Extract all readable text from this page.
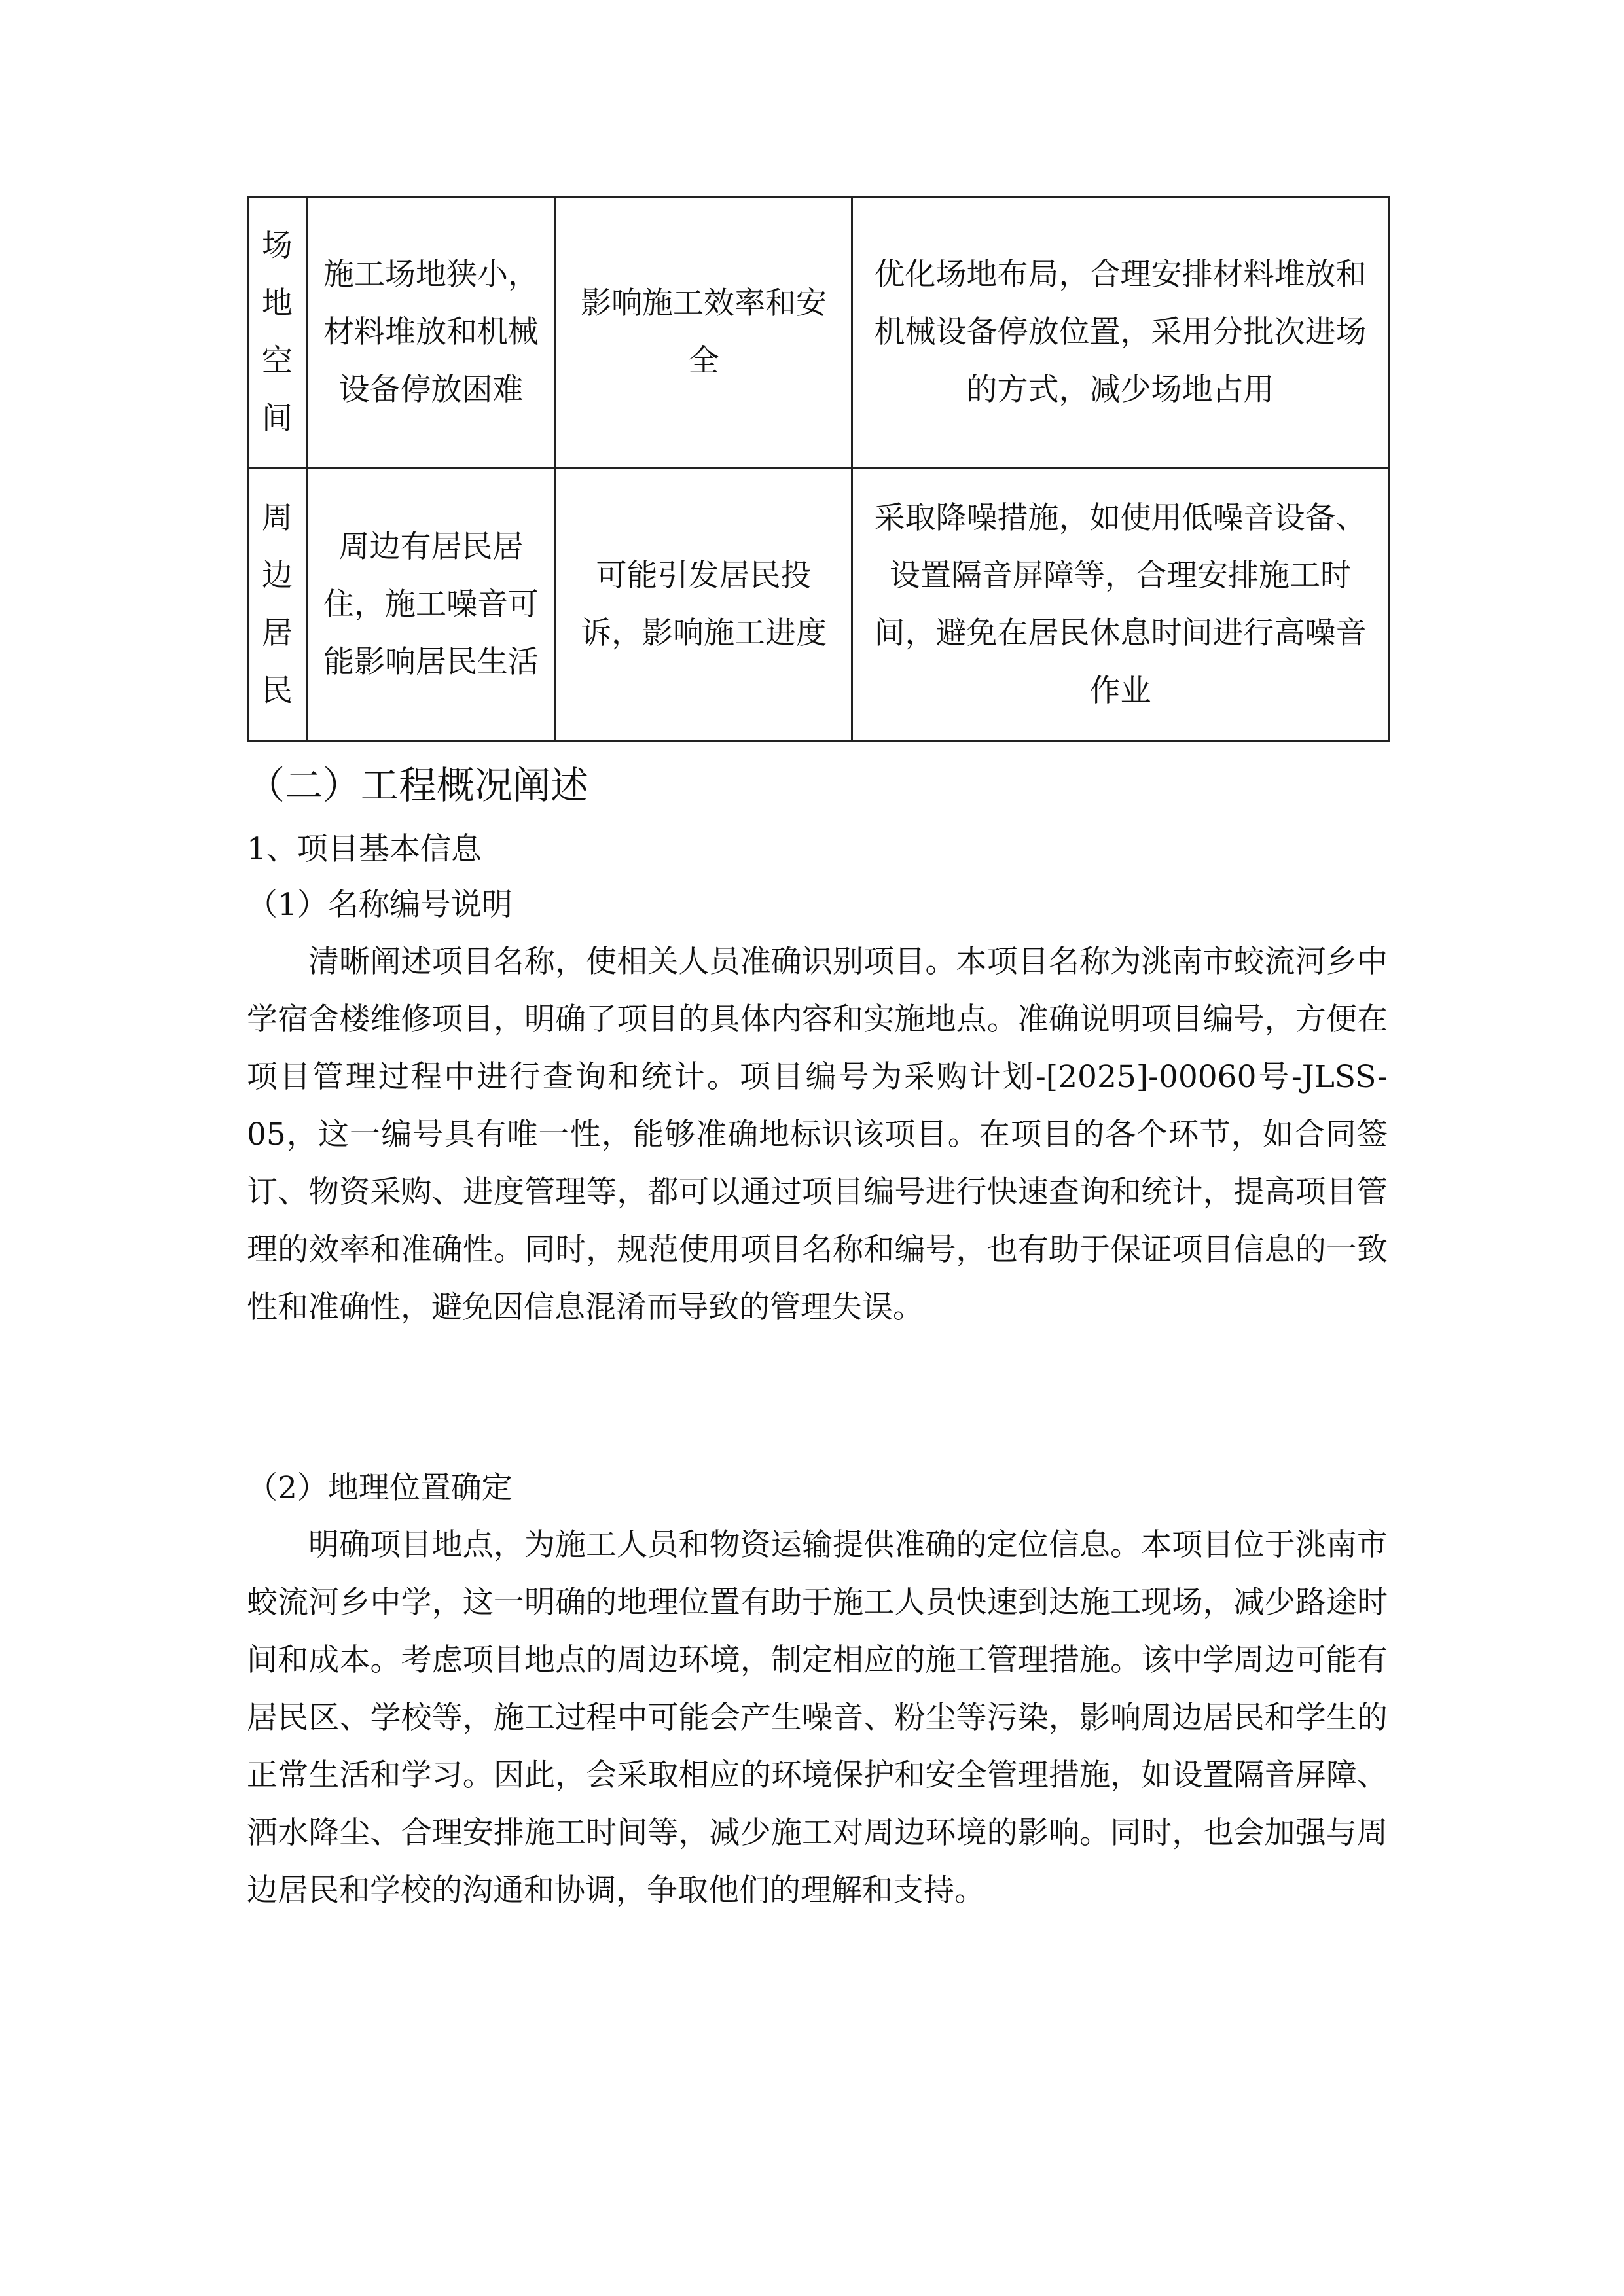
场地空间	施工场地狭小，材料堆放和机械设备停放困难	影响施工效率和安全	优化场地布局，合理安排材料堆放和机械设备停放位置，采用分批次进场的方式，减少场地占用

周边居民	周边有居民居住，施工噪音可能影响居民生活	可能引发居民投诉，影响施工进度	采取降噪措施，如使用低噪音设备、设置隔音屏障等，合理安排施工时间，避免在居民休息时间进行高噪音作业
（二）工程概况阐述
1、项目基本信息
（1）名称编号说明

清晰阐述项目名称，使相关人员准确识别项目。本项目名称为洮南市蛟流河乡中学宿舍楼维修项目，明确了项目的具体内容和实施地点。准确说明项目编号，方便在项目管理过程中进行查询和统计。项目编号为采购计划-[2025]-00060号-JLSS-05，这一编号具有唯一性，能够准确地标识该项目。在项目的各个环节，如合同签订、物资采购、进度管理等，都可以通过项目编号进行快速查询和统计，提高项目管理的效率和准确性。同时，规范使用项目名称和编号，也有助于保证项目信息的一致性和准确性，避免因信息混淆而导致的管理失误。

（2）地理位置确定

明确项目地点，为施工人员和物资运输提供准确的定位信息。本项目位于洮南市蛟流河乡中学，这一明确的地理位置有助于施工人员快速到达施工现场，减少路途时间和成本。考虑项目地点的周边环境，制定相应的施工管理措施。该中学周边可能有居民区、学校等，施工过程中可能会产生噪音、粉尘等污染，影响周边居民和学生的正常生活和学习。因此，会采取相应的环境保护和安全管理措施，如设置隔音屏障、洒水降尘、合理安排施工时间等，减少施工对周边环境的影响。同时，也会加强与周边居民和学校的沟通和协调，争取他们的理解和支持。
